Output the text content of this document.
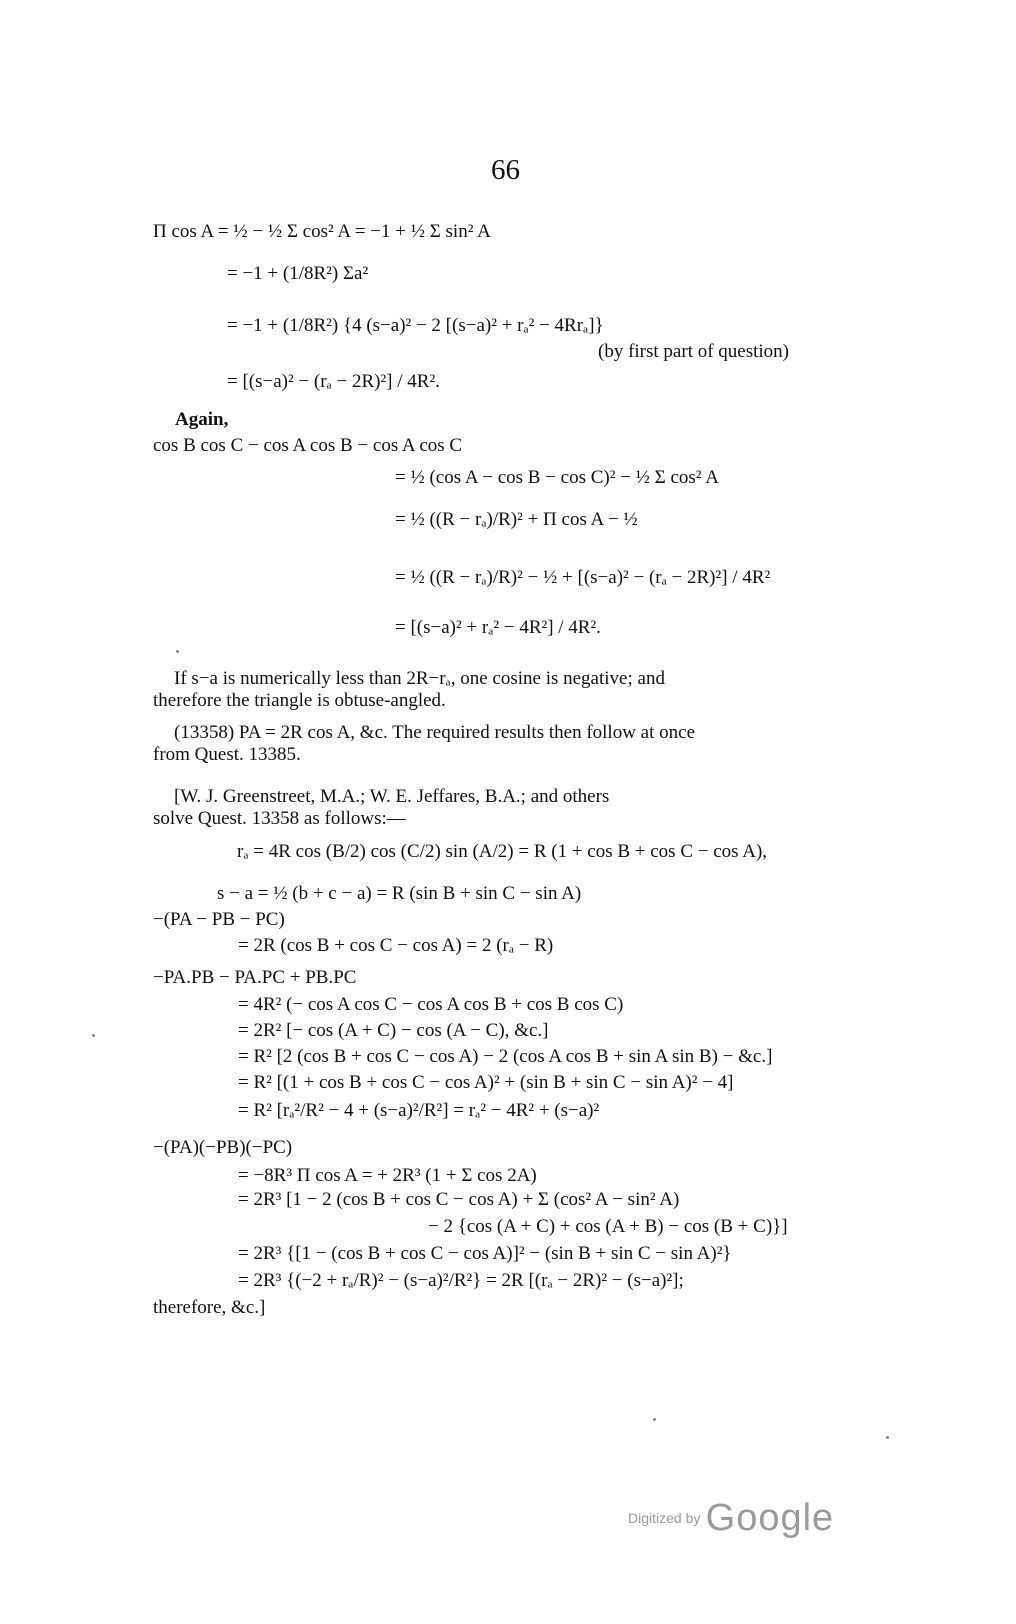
66
Π cos A = ½ − ½ Σ cos² A = −1 + ½ Σ sin² A
= −1 + (1/8R²) Σa²
= −1 + (1/8R²) {4 (s−a)² − 2 [(s−a)² + rₐ² − 4Rrₐ]}
(by first part of question)
= [(s−a)² − (rₐ − 2R)²] / 4R².
Again,
cos B cos C − cos A cos B − cos A cos C
= ½ (cos A − cos B − cos C)² − ½ Σ cos² A
= ½ ((R − rₐ)/R)² + Π cos A − ½
= ½ ((R − rₐ)/R)² − ½ + [(s−a)² − (rₐ − 2R)²] / 4R²
= [(s−a)² + rₐ² − 4R²] / 4R².
If s−a is numerically less than 2R−rₐ, one cosine is negative; and
therefore the triangle is obtuse-angled.
(13358) PA = 2R cos A, &c. The required results then follow at once
from Quest. 13385.
[W. J. Greenstreet, M.A.; W. E. Jeffares, B.A.; and others
solve Quest. 13358 as follows:—
rₐ = 4R cos (B/2) cos (C/2) sin (A/2) = R (1 + cos B + cos C − cos A),
s − a = ½ (b + c − a) = R (sin B + sin C − sin A)
−(PA − PB − PC)
= 2R (cos B + cos C − cos A) = 2 (rₐ − R)
−PA.PB − PA.PC + PB.PC
= 4R² (− cos A cos C − cos A cos B + cos B cos C)
= 2R² [− cos (A + C) − cos (A − C), &c.]
= R² [2 (cos B + cos C − cos A) − 2 (cos A cos B + sin A sin B) − &c.]
= R² [(1 + cos B + cos C − cos A)² + (sin B + sin C − sin A)² − 4]
= R² [rₐ²/R² − 4 + (s−a)²/R²] = rₐ² − 4R² + (s−a)²
−(PA)(−PB)(−PC)
= −8R³ Π cos A = + 2R³ (1 + Σ cos 2A)
= 2R³ [1 − 2 (cos B + cos C − cos A) + Σ (cos² A − sin² A)
− 2 {cos (A + C) + cos (A + B) − cos (B + C)}]
= 2R³ {[1 − (cos B + cos C − cos A)]² − (sin B + sin C − sin A)²}
= 2R³ {(−2 + rₐ/R)² − (s−a)²/R²} = 2R [(rₐ − 2R)² − (s−a)²];
therefore, &c.]
Digitized by Google
